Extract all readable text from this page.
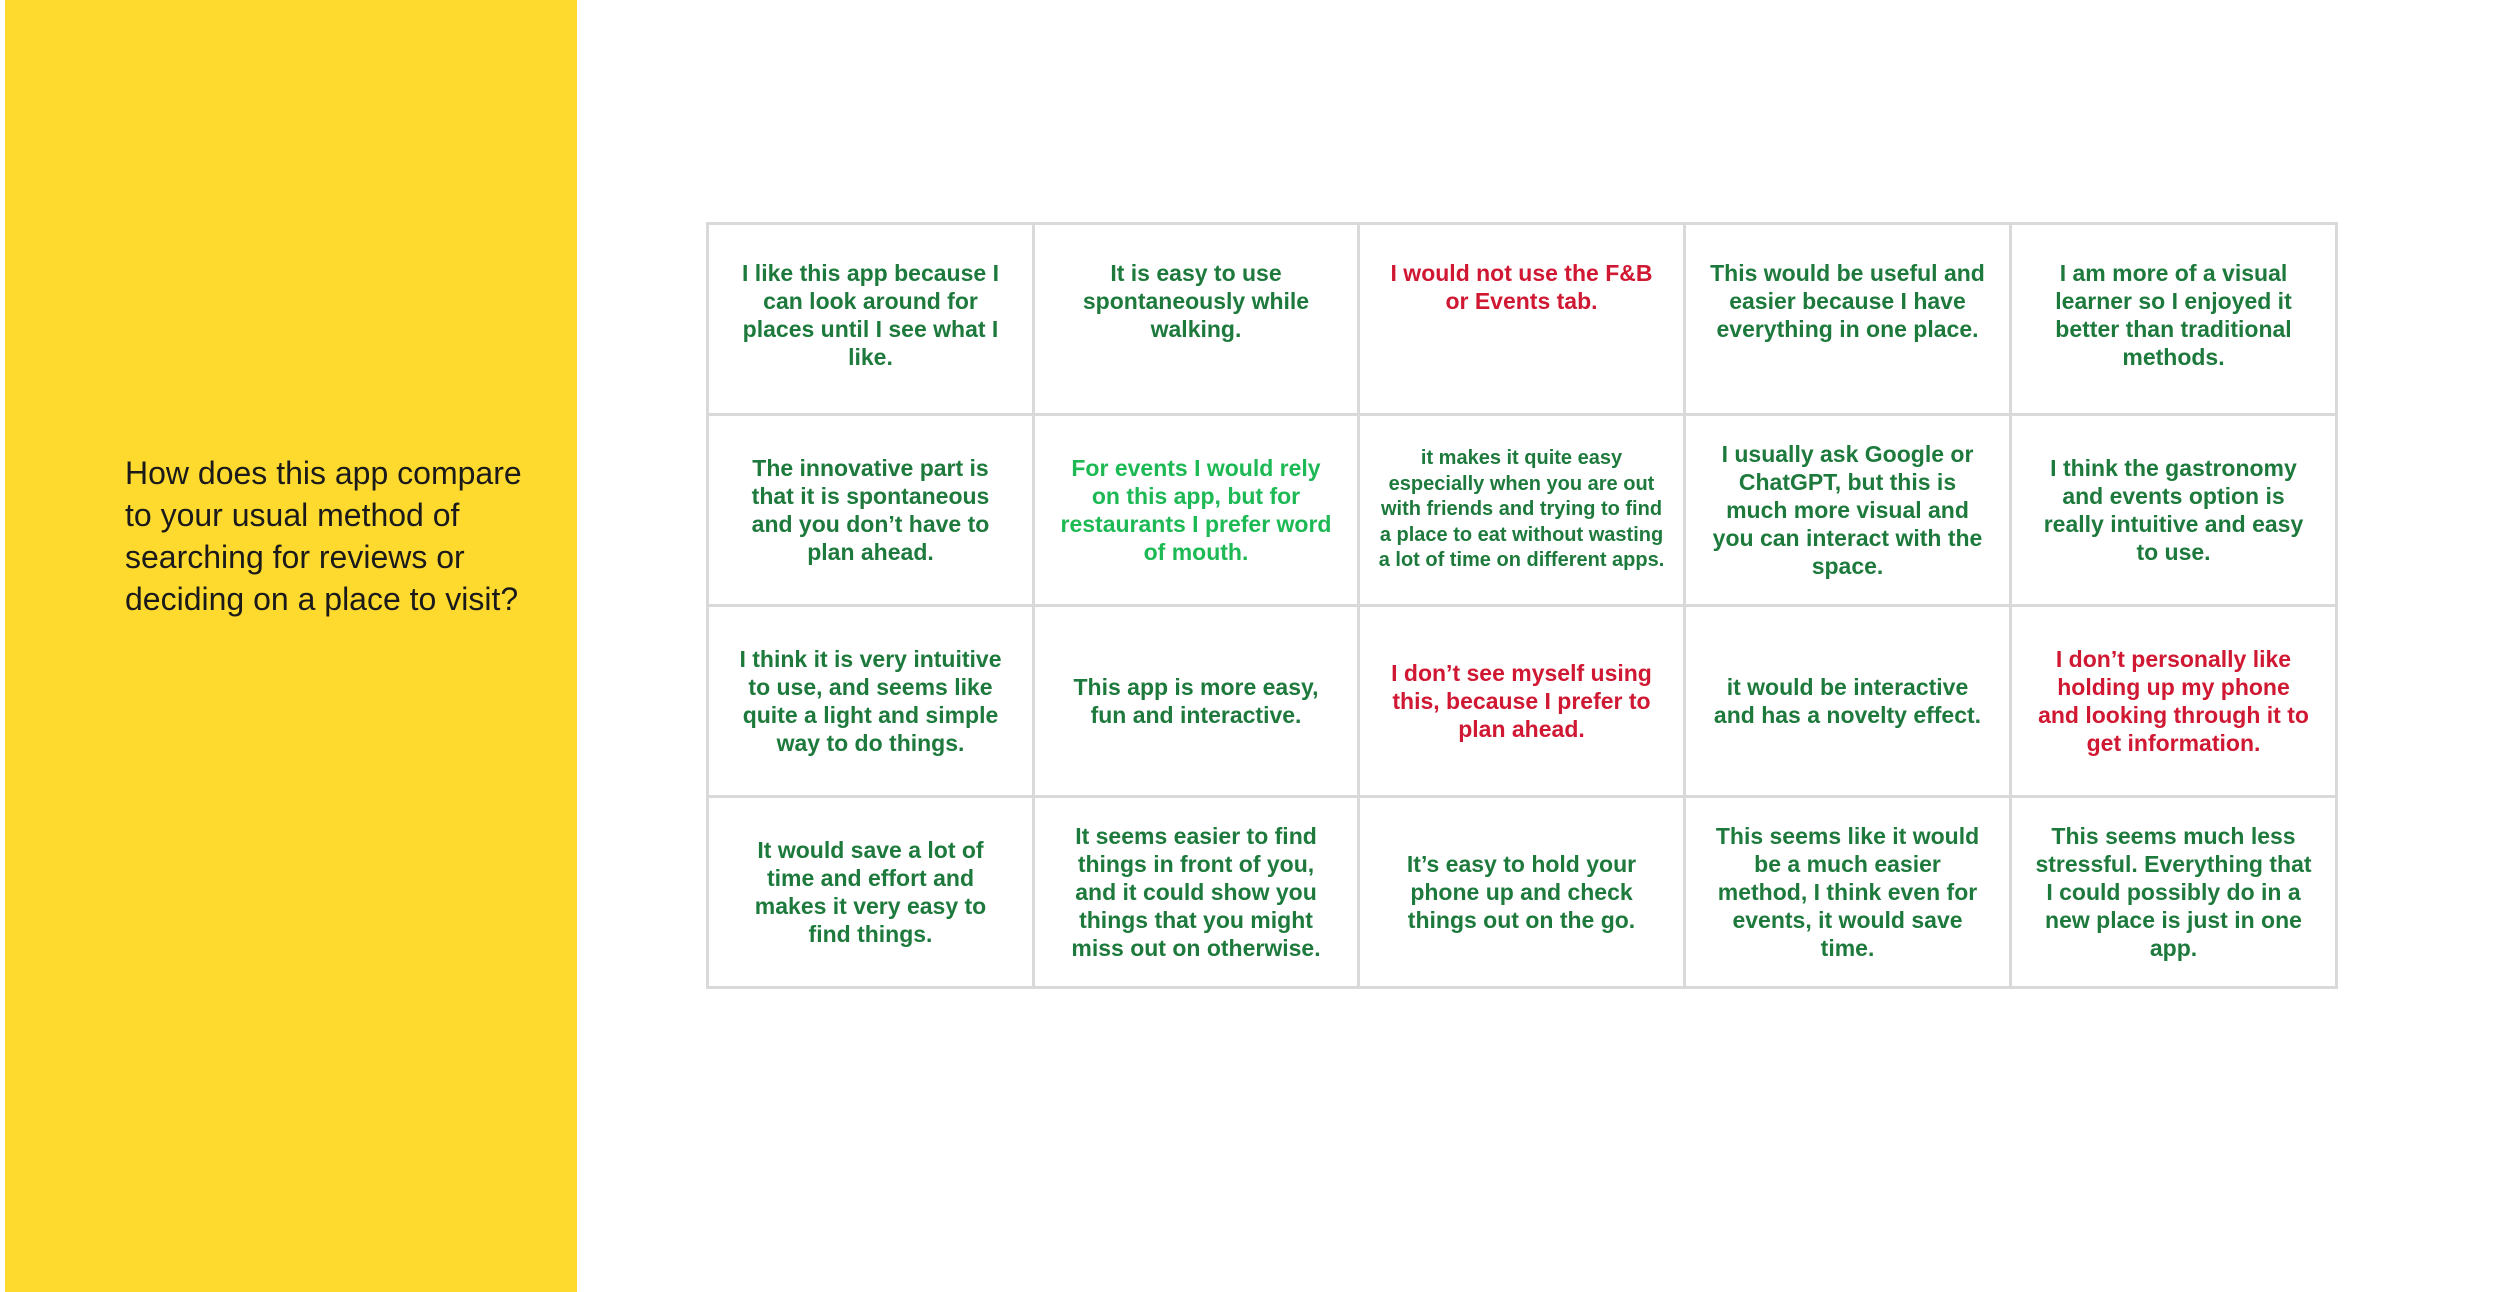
How does this app compare to your usual method of searching for reviews or deciding on a place to visit?

I like this app because I can look around for places until I see what I like.
It is easy to use spontaneously while walking.
I would not use the F&B or Events tab.
This would be useful and easier because I have everything in one place.
I am more of a visual learner so I enjoyed it better than traditional methods.
The innovative part is that it is spontaneous and you don’t have to plan ahead.
For events I would rely on this app, but for restaurants I prefer word of mouth.
it makes it quite easy especially when you are out with friends and trying to find a place to eat without wasting a lot of time on different apps.
I usually ask Google or ChatGPT, but this is much more visual and you can interact with the space.
I think the gastronomy and events option is really intuitive and easy to use.
I think it is very intuitive to use, and seems like quite a light and simple way to do things.
This app is more easy, fun and interactive.
I don’t see myself using this, because I prefer to plan ahead.
it would be interactive and has a novelty effect.
I don’t personally like holding up my phone and looking through it to get information.
It would save a lot of time and effort and makes it very easy to find things.
It seems easier to find things in front of you, and it could show you things that you might miss out on otherwise.
It’s easy to hold your phone up and check things out on the go.
This seems like it would be a much easier method, I think even for events, it would save time.
This seems much less stressful. Everything that I could possibly do in a new place is just in one app.
